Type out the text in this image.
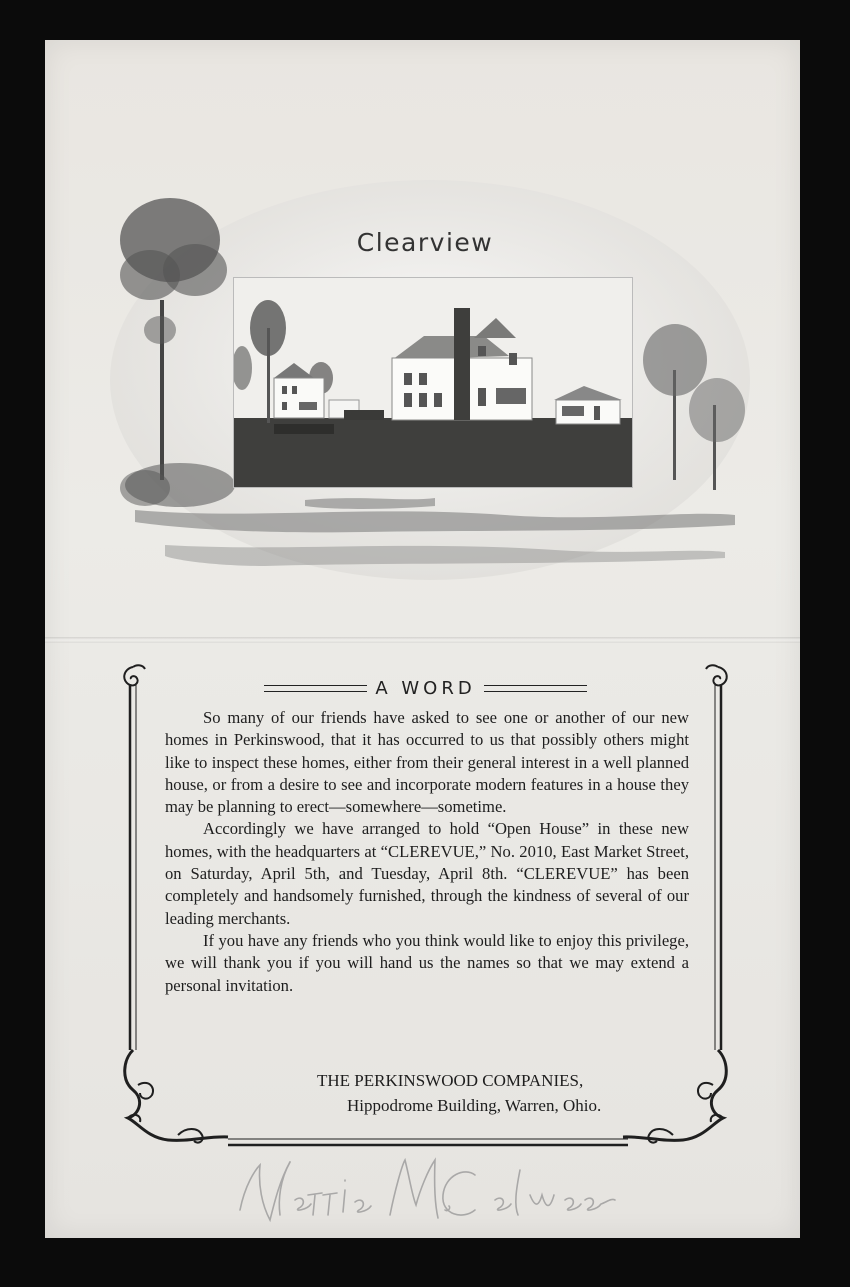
Clearview
A WORD

So many of our friends have asked to see one or another of our new homes in Perkinswood, that it has occurred to us that possibly others might like to inspect these homes, either from their general interest in a well planned house, or from a desire to see and incorporate modern features in a house they may be planning to erect—somewhere—sometime.

Accordingly we have arranged to hold “Open House” in these new homes, with the headquarters at “CLEREVUE,” No. 2010, East Market Street, on Saturday, April 5th, and Tuesday, April 8th. “CLEREVUE” has been completely and handsomely furnished, through the kindness of several of our leading merchants.

If you have any friends who you think would like to enjoy this privilege, we will thank you if you will hand us the names so that we may extend a personal invitation.

THE PERKINSWOOD COMPANIES,
Hippodrome Building, Warren, Ohio.
